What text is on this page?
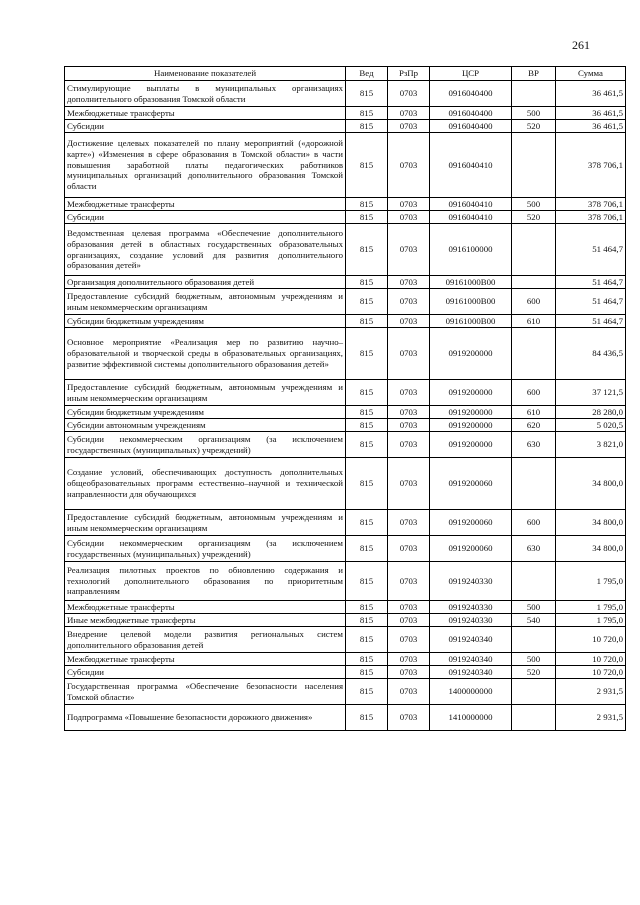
261
Наименование показателей	Вед	РзПр	ЦСР	ВР	Сумма
Стимулирующие выплаты в муниципальных организациях дополнительного образования Томской области	815	0703	0916040400		36 461,5
Межбюджетные трансферты	815	0703	0916040400	500	36 461,5
Субсидии	815	0703	0916040400	520	36 461,5
Достижение целевых показателей по плану мероприятий («дорожной карте») «Изменения в сфере образования в Томской области» в части повышения заработной платы педагогических работников муниципальных организаций дополнительного образования Томской области	815	0703	0916040410		378 706,1
Межбюджетные трансферты	815	0703	0916040410	500	378 706,1
Субсидии	815	0703	0916040410	520	378 706,1
Ведомственная целевая программа «Обеспечение дополнительного образования детей в областных государственных образовательных организациях, создание условий для развития дополнительного образования детей»	815	0703	0916100000		51 464,7
Организация дополнительного образования детей	815	0703	09161000В00		51 464,7
Предоставление субсидий бюджетным, автономным учреждениям и иным некоммерческим организациям	815	0703	09161000В00	600	51 464,7
Субсидии бюджетным учреждениям	815	0703	09161000В00	610	51 464,7
Основное мероприятие «Реализация мер по развитию научно–образовательной и творческой среды в образовательных организациях, развитие эффективной системы дополнительного образования детей»	815	0703	0919200000		84 436,5
Предоставление субсидий бюджетным, автономным учреждениям и иным некоммерческим организациям	815	0703	0919200000	600	37 121,5
Субсидии бюджетным учреждениям	815	0703	0919200000	610	28 280,0
Субсидии автономным учреждениям	815	0703	0919200000	620	5 020,5
Субсидии некоммерческим организациям (за исключением государственных (муниципальных) учреждений)	815	0703	0919200000	630	3 821,0
Создание условий, обеспечивающих доступность дополнительных общеобразовательных программ естественно–научной и технической направленности для обучающихся	815	0703	0919200060		34 800,0
Предоставление субсидий бюджетным, автономным учреждениям и иным некоммерческим организациям	815	0703	0919200060	600	34 800,0
Субсидии некоммерческим организациям (за исключением государственных (муниципальных) учреждений)	815	0703	0919200060	630	34 800,0
Реализация пилотных проектов по обновлению содержания и технологий дополнительного образования по приоритетным направлениям	815	0703	0919240330		1 795,0
Межбюджетные трансферты	815	0703	0919240330	500	1 795,0
Иные межбюджетные трансферты	815	0703	0919240330	540	1 795,0
Внедрение целевой модели развития региональных систем дополнительного образования детей	815	0703	0919240340		10 720,0
Межбюджетные трансферты	815	0703	0919240340	500	10 720,0
Субсидии	815	0703	0919240340	520	10 720,0
Государственная программа «Обеспечение безопасности населения Томской области»	815	0703	1400000000		2 931,5
Подпрограмма «Повышение безопасности дорожного движения»	815	0703	1410000000		2 931,5
